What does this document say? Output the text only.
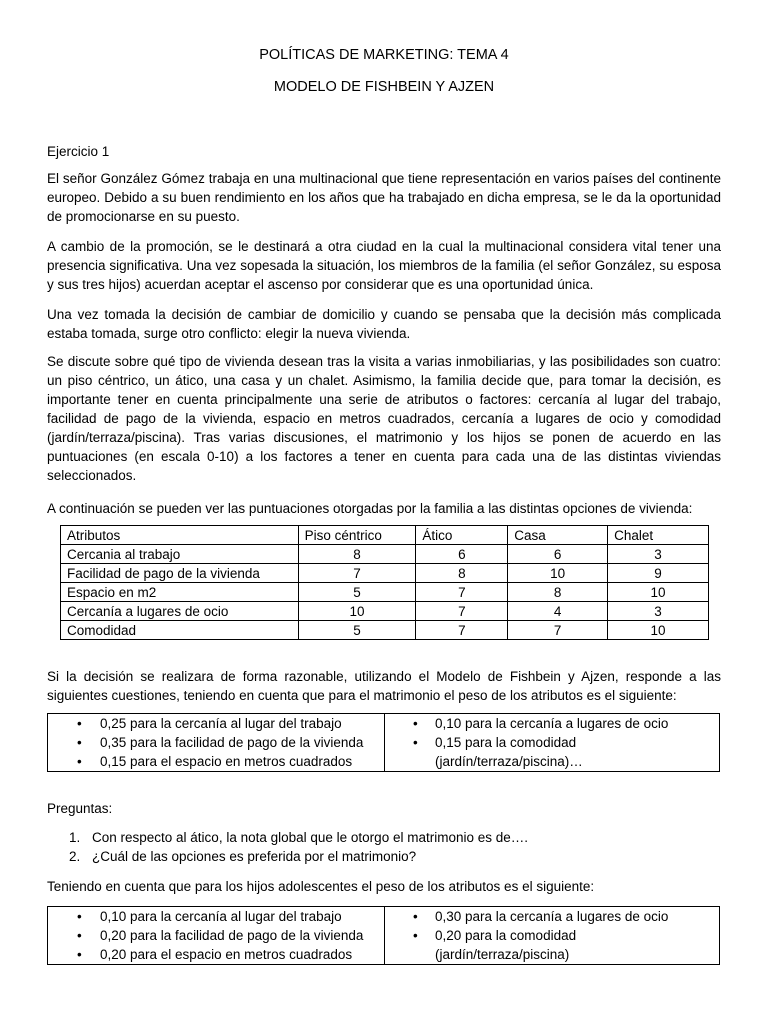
POLÍTICAS DE MARKETING: TEMA 4
MODELO DE FISHBEIN Y AJZEN

Ejercicio 1

El señor González Gómez trabaja en una multinacional que tiene representación en varios países del continente europeo. Debido a su buen rendimiento en los años que ha trabajado en dicha empresa, se le da la oportunidad de promocionarse en su puesto.

A cambio de la promoción, se le destinará a otra ciudad en la cual la multinacional considera vital tener una presencia significativa. Una vez sopesada la situación, los miembros de la familia (el señor González, su esposa y sus tres hijos) acuerdan aceptar el ascenso por considerar que es una oportunidad única.

Una vez tomada la decisión de cambiar de domicilio y cuando se pensaba que la decisión más complicada estaba tomada, surge otro conflicto: elegir la nueva vivienda.

Se discute sobre qué tipo de vivienda desean tras la visita a varias inmobiliarias, y las posibilidades son cuatro: un piso céntrico, un ático, una casa y un chalet. Asimismo, la familia decide que, para tomar la decisión, es importante tener en cuenta principalmente una serie de atributos o factores: cercanía al lugar del trabajo, facilidad de pago de la vivienda, espacio en metros cuadrados, cercanía a lugares de ocio y comodidad (jardín/terraza/piscina). Tras varias discusiones, el matrimonio y los hijos se ponen de acuerdo en las puntuaciones (en escala 0-10) a los factores a tener en cuenta para cada una de las distintas viviendas seleccionados.

A continuación se pueden ver las puntuaciones otorgadas por la familia a las distintas opciones de vivienda:

Atributos	Piso céntrico	Ático	Casa	Chalet
Cercania al trabajo	8	6	6	3
Facilidad de pago de la vivienda	7	8	10	9
Espacio en m2	5	7	8	10
Cercanía a lugares de ocio	10	7	4	3
Comodidad	5	7	7	10

Si la decisión se realizara de forma razonable, utilizando el Modelo de Fishbein y Ajzen, responde a las siguientes cuestiones, teniendo en cuenta que para el matrimonio el peso de los atributos es el siguiente:

• 0,25 para la cercanía al lugar del trabajo
• 0,35 para la facilidad de pago de la vivienda
• 0,15 para el espacio en metros cuadrados
• 0,10 para la cercanía a lugares de ocio
• 0,15 para la comodidad (jardín/terraza/piscina)…

Preguntas:

1. Con respecto al ático, la nota global que le otorgo el matrimonio es de….
2. ¿Cuál de las opciones es preferida por el matrimonio?

Teniendo en cuenta que para los hijos adolescentes el peso de los atributos es el siguiente:

• 0,10 para la cercanía al lugar del trabajo
• 0,20 para la facilidad de pago de la vivienda
• 0,20 para el espacio en metros cuadrados
• 0,30 para la cercanía a lugares de ocio
• 0,20 para la comodidad (jardín/terraza/piscina)
